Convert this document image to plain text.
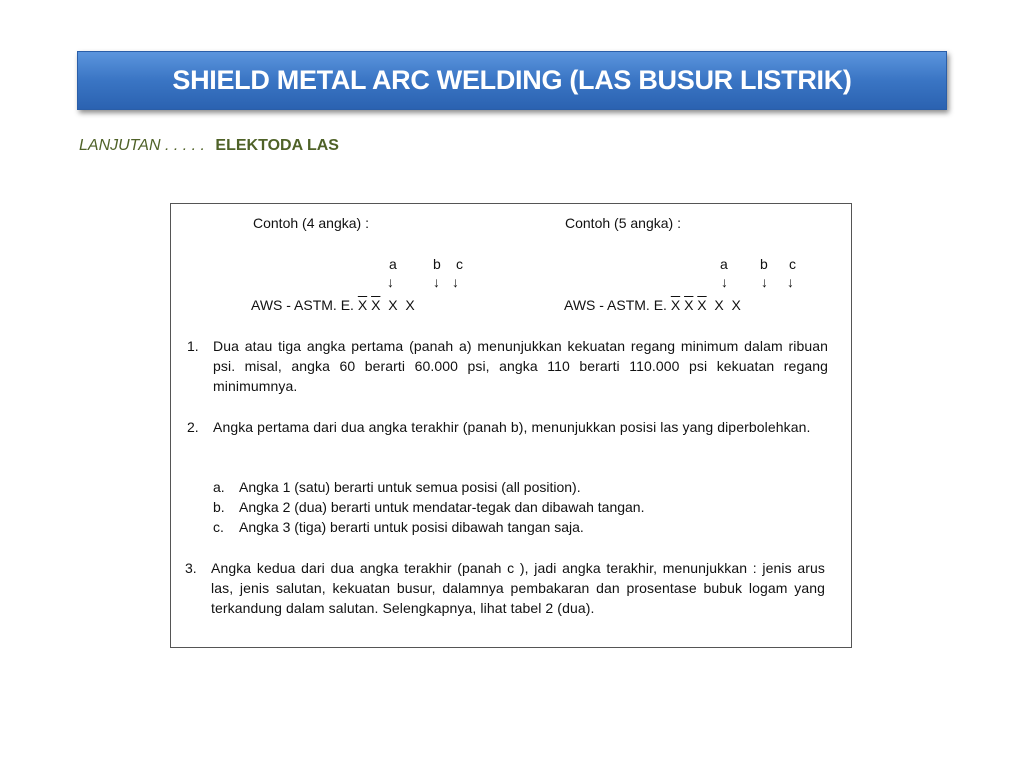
SHIELD METAL ARC WELDING (LAS BUSUR LISTRIK)
LANJUTAN . . . . . ELEKTODA LAS
Contoh (4 angka) :
a	b c
↓	↓ ↓
AWS - ASTM. E. $\overline{X}$ $\overline{X}$ X X
Contoh (5 angka) :
a b c
↓ ↓ ↓
AWS - ASTM. E. $\overline{X}$ $\overline{X}$ $\overline{X}$ X X
1. Dua atau tiga angka pertama (panah a) menunjukkan kekuatan regang minimum dalam ribuan psi. misal, angka 60 berarti 60.000 psi, angka 110 berarti 110.000 psi kekuatan regang minimumnya.
2. Angka pertama dari dua angka terakhir (panah b), menunjukkan posisi las yang diperbolehkan.
a. Angka 1 (satu) berarti untuk semua posisi (all position).
b. Angka 2 (dua) berarti untuk mendatar-tegak dan dibawah tangan.
c. Angka 3 (tiga) berarti untuk posisi dibawah tangan saja.
3. Angka kedua dari dua angka terakhir (panah c ), jadi angka terakhir, menunjukkan : jenis arus las, jenis salutan, kekuatan busur, dalamnya pembakaran dan prosentase bubuk logam yang terkandung dalam salutan. Selengkapnya, lihat tabel 2 (dua).
